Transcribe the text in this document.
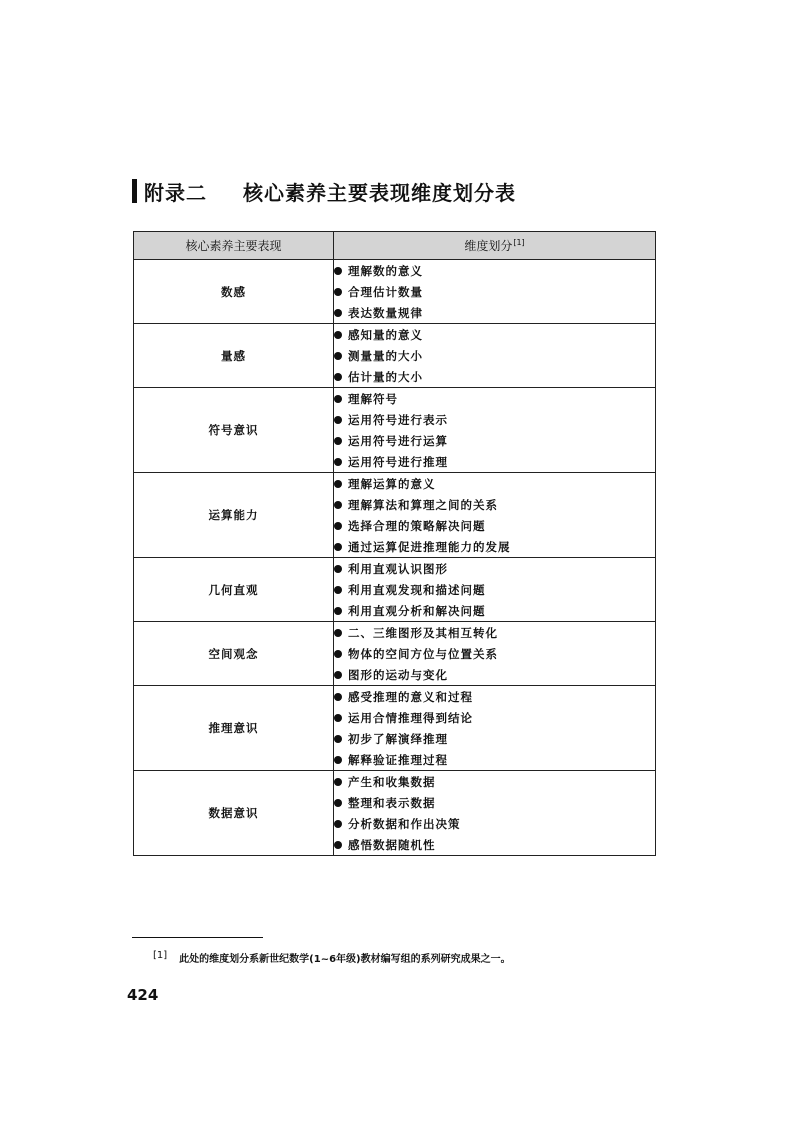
附录二 核心素养主要表现维度划分表
核心素养主要表现	维度划分[1]
数感	理解数的意义
合理估计数量
表达数量规律

量感	感知量的意义
测量量的大小
估计量的大小

符号意识	理解符号
运用符号进行表示
运用符号进行运算
运用符号进行推理

运算能力	理解运算的意义
理解算法和算理之间的关系
选择合理的策略解决问题
通过运算促进推理能力的发展

几何直观	利用直观认识图形
利用直观发现和描述问题
利用直观分析和解决问题

空间观念	二、三维图形及其相互转化
物体的空间方位与位置关系
图形的运动与变化

推理意识	感受推理的意义和过程
运用合情推理得到结论
初步了解演绎推理
解释验证推理过程

数据意识	产生和收集数据
整理和表示数据
分析数据和作出决策
感悟数据随机性
[1] 此处的维度划分系新世纪数学(1~6年级)教材编写组的系列研究成果之一。
424
